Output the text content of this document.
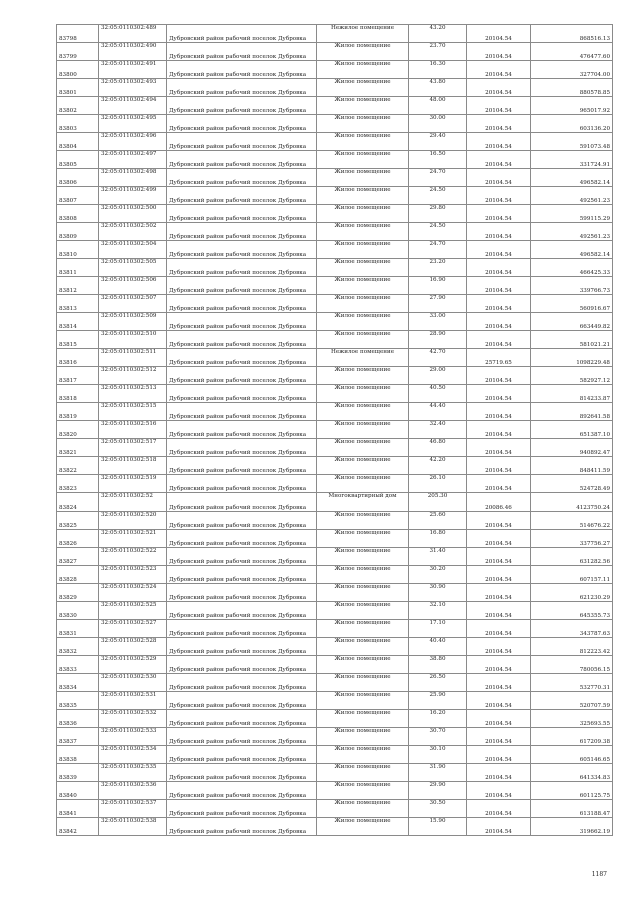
83798	32:05:0110302:489	Дубровский район рабочий поселок Дубровка	Нежилое помещение	43.20	20104.54	868516.13
83799	32:05:0110302:490	Дубровский район рабочий поселок Дубровка	Жилое помещение	23.70	20104.54	476477.60
83800	32:05:0110302:491	Дубровский район рабочий поселок Дубровка	Жилое помещение	16.30	20104.54	327704.00
83801	32:05:0110302:493	Дубровский район рабочий поселок Дубровка	Жилое помещение	43.80	20104.54	880578.85
83802	32:05:0110302:494	Дубровский район рабочий поселок Дубровка	Жилое помещение	48.00	20104.54	965017.92
83803	32:05:0110302:495	Дубровский район рабочий поселок Дубровка	Жилое помещение	30.00	20104.54	603136.20
83804	32:05:0110302:496	Дубровский район рабочий поселок Дубровка	Жилое помещение	29.40	20104.54	591073.48
83805	32:05:0110302:497	Дубровский район рабочий поселок Дубровка	Жилое помещение	16.50	20104.54	331724.91
83806	32:05:0110302:498	Дубровский район рабочий поселок Дубровка	Жилое помещение	24.70	20104.54	496582.14
83807	32:05:0110302:499	Дубровский район рабочий поселок Дубровка	Жилое помещение	24.50	20104.54	492561.23
83808	32:05:0110302:500	Дубровский район рабочий поселок Дубровка	Жилое помещение	29.80	20104.54	599115.29
83809	32:05:0110302:502	Дубровский район рабочий поселок Дубровка	Жилое помещение	24.50	20104.54	492561.23
83810	32:05:0110302:504	Дубровский район рабочий поселок Дубровка	Жилое помещение	24.70	20104.54	496582.14
83811	32:05:0110302:505	Дубровский район рабочий поселок Дубровка	Жилое помещение	23.20	20104.54	466425.33
83812	32:05:0110302:506	Дубровский район рабочий поселок Дубровка	Жилое помещение	16.90	20104.54	339766.73
83813	32:05:0110302:507	Дубровский район рабочий поселок Дубровка	Жилое помещение	27.90	20104.54	560916.67
83814	32:05:0110302:509	Дубровский район рабочий поселок Дубровка	Жилое помещение	33.00	20104.54	663449.82
83815	32:05:0110302:510	Дубровский район рабочий поселок Дубровка	Жилое помещение	28.90	20104.54	581021.21
83816	32:05:0110302:511	Дубровский район рабочий поселок Дубровка	Нежилое помещение	42.70	25719.65	1098229.48
83817	32:05:0110302:512	Дубровский район рабочий поселок Дубровка	Жилое помещение	29.00	20104.54	582927.12
83818	32:05:0110302:513	Дубровский район рабочий поселок Дубровка	Жилое помещение	40.50	20104.54	814233.87
83819	32:05:0110302:515	Дубровский район рабочий поселок Дубровка	Жилое помещение	44.40	20104.54	892641.58
83820	32:05:0110302:516	Дубровский район рабочий поселок Дубровка	Жилое помещение	32.40	20104.54	651387.10
83821	32:05:0110302:517	Дубровский район рабочий поселок Дубровка	Жилое помещение	46.80	20104.54	940892.47
83822	32:05:0110302:518	Дубровский район рабочий поселок Дубровка	Жилое помещение	42.20	20104.54	848411.59
83823	32:05:0110302:519	Дубровский район рабочий поселок Дубровка	Жилое помещение	26.10	20104.54	524728.49
83824	32:05:0110302:52	Дубровский район рабочий поселок Дубровка	Многоквартирный дом	205.30	20086.46	4123750.24
83825	32:05:0110302:520	Дубровский район рабочий поселок Дубровка	Жилое помещение	25.60	20104.54	514676.22
83826	32:05:0110302:521	Дубровский район рабочий поселок Дубровка	Жилое помещение	16.80	20104.54	337756.27
83827	32:05:0110302:522	Дубровский район рабочий поселок Дубровка	Жилое помещение	31.40	20104.54	631282.56
83828	32:05:0110302:523	Дубровский район рабочий поселок Дубровка	Жилое помещение	30.20	20104.54	607157.11
83829	32:05:0110302:524	Дубровский район рабочий поселок Дубровка	Жилое помещение	30.90	20104.54	621230.29
83830	32:05:0110302:525	Дубровский район рабочий поселок Дубровка	Жилое помещение	32.10	20104.54	645355.73
83831	32:05:0110302:527	Дубровский район рабочий поселок Дубровка	Жилое помещение	17.10	20104.54	343787.63
83832	32:05:0110302:528	Дубровский район рабочий поселок Дубровка	Жилое помещение	40.40	20104.54	812223.42
83833	32:05:0110302:529	Дубровский район рабочий поселок Дубровка	Жилое помещение	38.80	20104.54	780056.15
83834	32:05:0110302:530	Дубровский район рабочий поселок Дубровка	Жилое помещение	26.50	20104.54	532770.31
83835	32:05:0110302:531	Дубровский район рабочий поселок Дубровка	Жилое помещение	25.90	20104.54	520707.59
83836	32:05:0110302:532	Дубровский район рабочий поселок Дубровка	Жилое помещение	16.20	20104.54	325693.55
83837	32:05:0110302:533	Дубровский район рабочий поселок Дубровка	Жилое помещение	30.70	20104.54	617209.38
83838	32:05:0110302:534	Дубровский район рабочий поселок Дубровка	Жилое помещение	30.10	20104.54	605146.65
83839	32:05:0110302:535	Дубровский район рабочий поселок Дубровка	Жилое помещение	31.90	20104.54	641334.83
83840	32:05:0110302:536	Дубровский район рабочий поселок Дубровка	Жилое помещение	29.90	20104.54	601125.75
83841	32:05:0110302:537	Дубровский район рабочий поселок Дубровка	Жилое помещение	30.50	20104.54	613188.47
83842	32:05:0110302:538	Дубровский район рабочий поселок Дубровка	Жилое помещение	15.90	20104.54	319662.19
1187
